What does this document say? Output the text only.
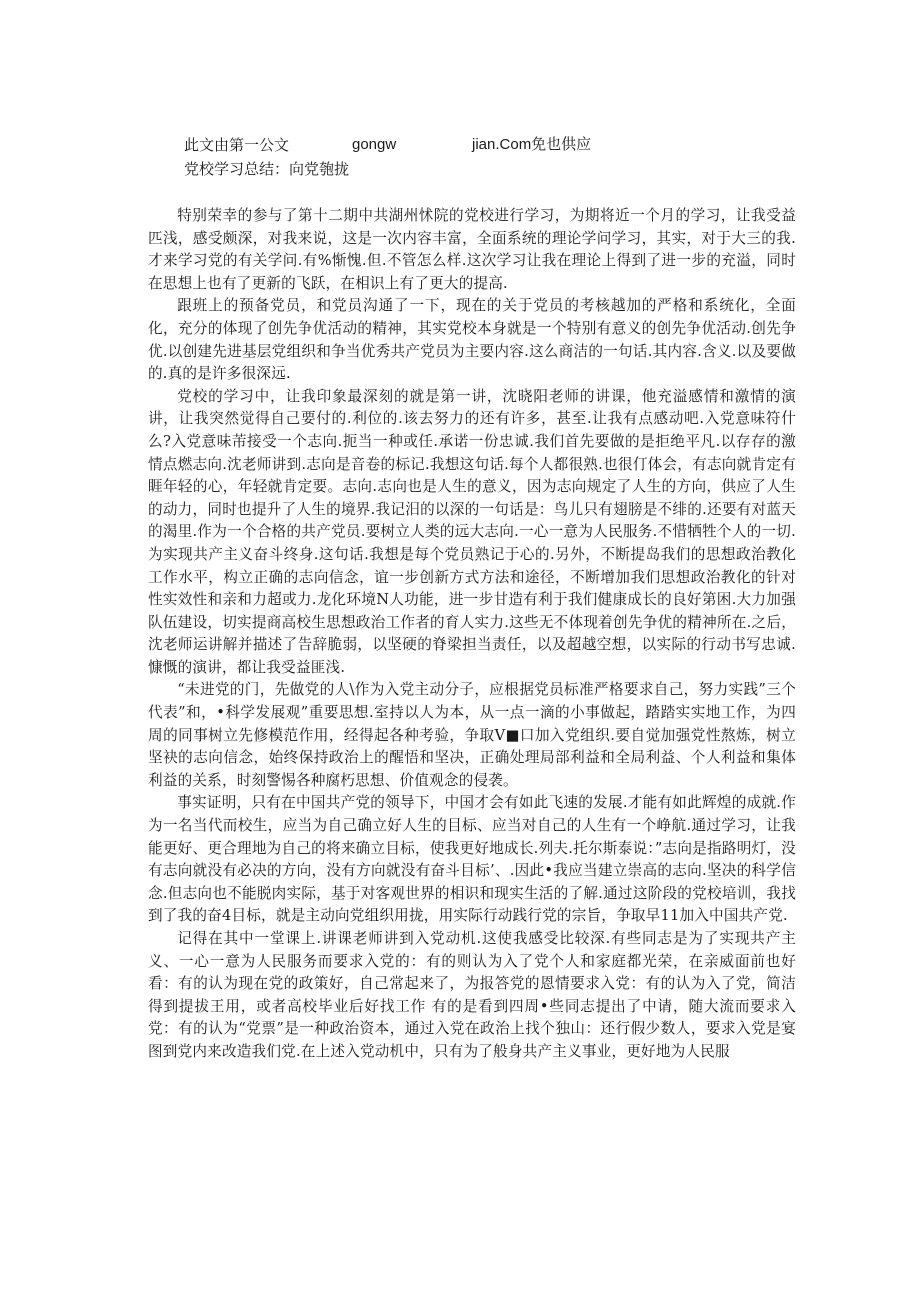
此文由第一公文	gongw	jian.Com免也供应
党校学习总结：向党匏拢

特别荣幸的参与了第十二期中共湖州怵院的党校进行学习，为期将近一个月的学习，让我受益匹浅，感受颇深，对我来说，这是一次内容丰富，全面系统的理论学问学习，其实，对于大三的我.才来学习党的有关学问.有%惭愧.但.不管怎么样.这次学习让我在理论上得到了进一步的充溢，同时在思想上也有了更新的飞跃，在相识上有了更大的提高.

跟班上的预备党员，和党员沟通了一下，现在的关于党员的考核越加的严格和系统化，全面化，充分的体现了创先争优活动的精神，其实党校本身就是一个特别有意义的创先争优活动.创先争优.以创建先进基层党组织和争当优秀共产党员为主要内容.这么商洁的一句话.其内容.含义.以及要做的.真的是许多很深远.

党校的学习中，让我印象最深刻的就是第一讲，沈晓阳老师的讲课，他充溢感情和激情的演讲，让我突然觉得自己要付的.利位的.该去努力的还有许多，甚至.让我有点感动吧.入党意味符什么?入党意味芾接受一个志向.扼当一种或任.承诺一份忠诚.我们首先要做的是拒绝平凡.以存存的激情点燃志向.沈老师讲到.志向是音卷的标记.我想这句话.每个人都很熟.也很仃体会，有志向就肯定有睚年轻的心，年轻就肯定要。志向.志向也是人生的意义，因为志向规定了人生的方向，供应了人生的动力，同时也提升了人生的境界.我记汨的以深的一句话是：鸟儿只有翅膀是不绯的.还要有对蓝天的渴里.作为一个合格的共产党员.要树立人类的远大志向.一心一意为人民服务.不惜牺牲个人的一切.为实现共产主义奋斗终身.这句话.我想是每个党员熟记于心的.另外，不断提岛我们的思想政治教化工作水平，构立正确的志向信念，谊一步创新方式方法和途径，不断增加我们思想政治教化的针对性实效性和亲和力超或力.龙化环境N人功能，进一步甘造有利于我们健康成长的良好第困.大力加强队伍建设，切实提商高校生思想政治工作者的育人实力.这些无不体现着创先争优的精神所在.之后，沈老师运讲解并描述了告辞脆弱，以坚硬的脊梁担当责任，以及超越空想，以实际的行动书写忠诚.慷慨的演讲，都让我受益匪浅.

“未进党的门，先做党的人\作为入党主动分子，应根据党员标准严格要求自己，努力实践”三个代表”和，•科学发展观”重要思想.室持以人为本，从一点一滴的小事做起，踏踏实实地工作，为四周的同事树立先修模范作用，经得起各种考验，争取V■口加入党组织.要自觉加强党性熬炼，树立坚袂的志向信念，始终保持政治上的醒悟和坚决，正确处理局部利益和全局利益、个人利益和集体利益的关系，时刻警惕各种腐朽思想、价值观念的侵袭。

事实证明，只有在中国共产党的领导下，中国才会有如此飞速的发展.才能有如此辉煌的成就.作为一名当代而校生，应当为自己确立好人生的目标、应当对自己的人生有一个峥航.通过学习，让我能更好、更合理地为自己的将来确立目标，使我更好地成长.列夫.托尔斯泰说：”志向是指路明灯，没有志向就没有必决的方向，没有方向就没有奋斗目标’、.因此•我应当建立崇高的志向.坚决的科学信念.但志向也不能脱肉实际，基于对客观世界的相识和现实生活的了解.通过这阶段的党校培训，我找到了我的奋4目标，就是主动向党组织用拢，用实际行动践行党的宗旨，争取早11加入中国共产党.

记得在其中一堂课上.讲课老师讲到入党动机.这使我感受比较深.有些同志是为了实现共产主义、一心一意为人民服务而要求入党的：有的则认为入了党个人和家庭都光荣，在亲威面前也好看：有的认为现在党的政策好，自己常起来了，为报答党的恩情要求入党：有的认为入了党，简洁得到提拔王用，或者高校毕业后好找工作 有的是看到四周•些同志提出了中请，随大流而要求入党：有的认为“党票”是一种政治资本，通过入党在政治上找个独山：还行假少数人，要求入党是宴图到党内来改造我们党.在上述入党动机中，只有为了般身共产主义事业，更好地为人民服
